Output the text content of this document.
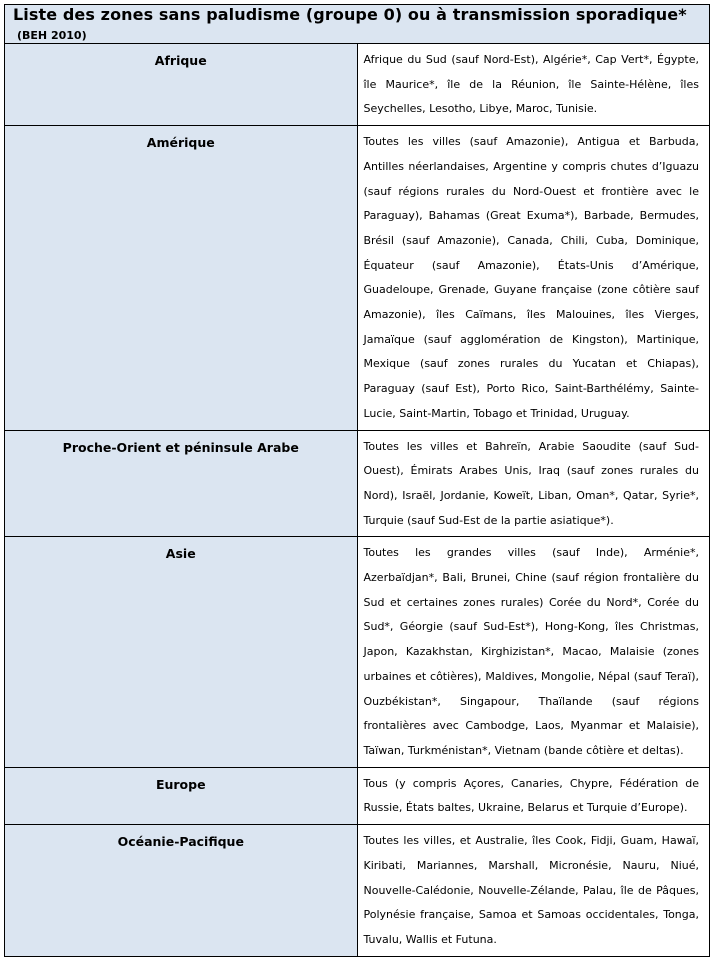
Liste des zones sans paludisme (groupe 0) ou à transmission sporadique*(BEH 2010)	
Afrique	Afrique du Sud (sauf Nord-Est), Algérie*, Cap Vert*, Égypte, île Maurice*, île de la Réunion, île Sainte-Hélène, îles Seychelles, Lesotho, Libye, Maroc, Tunisie.
Amérique	Toutes les villes (sauf Amazonie), Antigua et Barbuda, Antilles néerlandaises, Argentine y compris chutes d’Iguazu (sauf régions rurales du Nord-Ouest et frontière avec le Paraguay), Bahamas (Great Exuma*), Barbade, Bermudes, Brésil (sauf Amazonie), Canada, Chili, Cuba, Dominique, Équateur (sauf Amazonie), États-Unis d’Amérique, Guadeloupe, Grenade, Guyane française (zone côtière sauf Amazonie), îles Caïmans, îles Malouines, îles Vierges, Jamaïque (sauf agglomération de Kingston), Martinique, Mexique (sauf zones rurales du Yucatan et Chiapas), Paraguay (sauf Est), Porto Rico, Saint-Barthélémy, Sainte-Lucie, Saint-Martin, Tobago et Trinidad, Uruguay.
Proche-Orient et péninsule Arabe	Toutes les villes et Bahreïn, Arabie Saoudite (sauf Sud-Ouest), Émirats Arabes Unis, Iraq (sauf zones rurales du Nord), Israël, Jordanie, Koweït, Liban, Oman*, Qatar, Syrie*, Turquie (sauf Sud-Est de la partie asiatique*).
Asie	Toutes les grandes villes (sauf Inde), Arménie*, Azerbaïdjan*, Bali, Brunei, Chine (sauf région frontalière du Sud et certaines zones rurales) Corée du Nord*, Corée du Sud*, Géorgie (sauf Sud-Est*), Hong-Kong, îles Christmas, Japon, Kazakhstan, Kirghizistan*, Macao, Malaisie (zones urbaines et côtières), Maldives, Mongolie, Népal (sauf Teraï), Ouzbékistan*, Singapour, Thaïlande (sauf régions frontalières avec Cambodge, Laos, Myanmar et Malaisie), Taïwan, Turkménistan*, Vietnam (bande côtière et deltas).
Europe	Tous (y compris Açores, Canaries, Chypre, Fédération de Russie, États baltes, Ukraine, Belarus et Turquie d’Europe).
Océanie-Pacifique	Toutes les villes, et Australie, îles Cook, Fidji, Guam, Hawaï, Kiribati, Mariannes, Marshall, Micronésie, Nauru, Niué, Nouvelle-Calédonie, Nouvelle-Zélande, Palau, île de Pâques, Polynésie française, Samoa et Samoas occidentales, Tonga, Tuvalu, Wallis et Futuna.
